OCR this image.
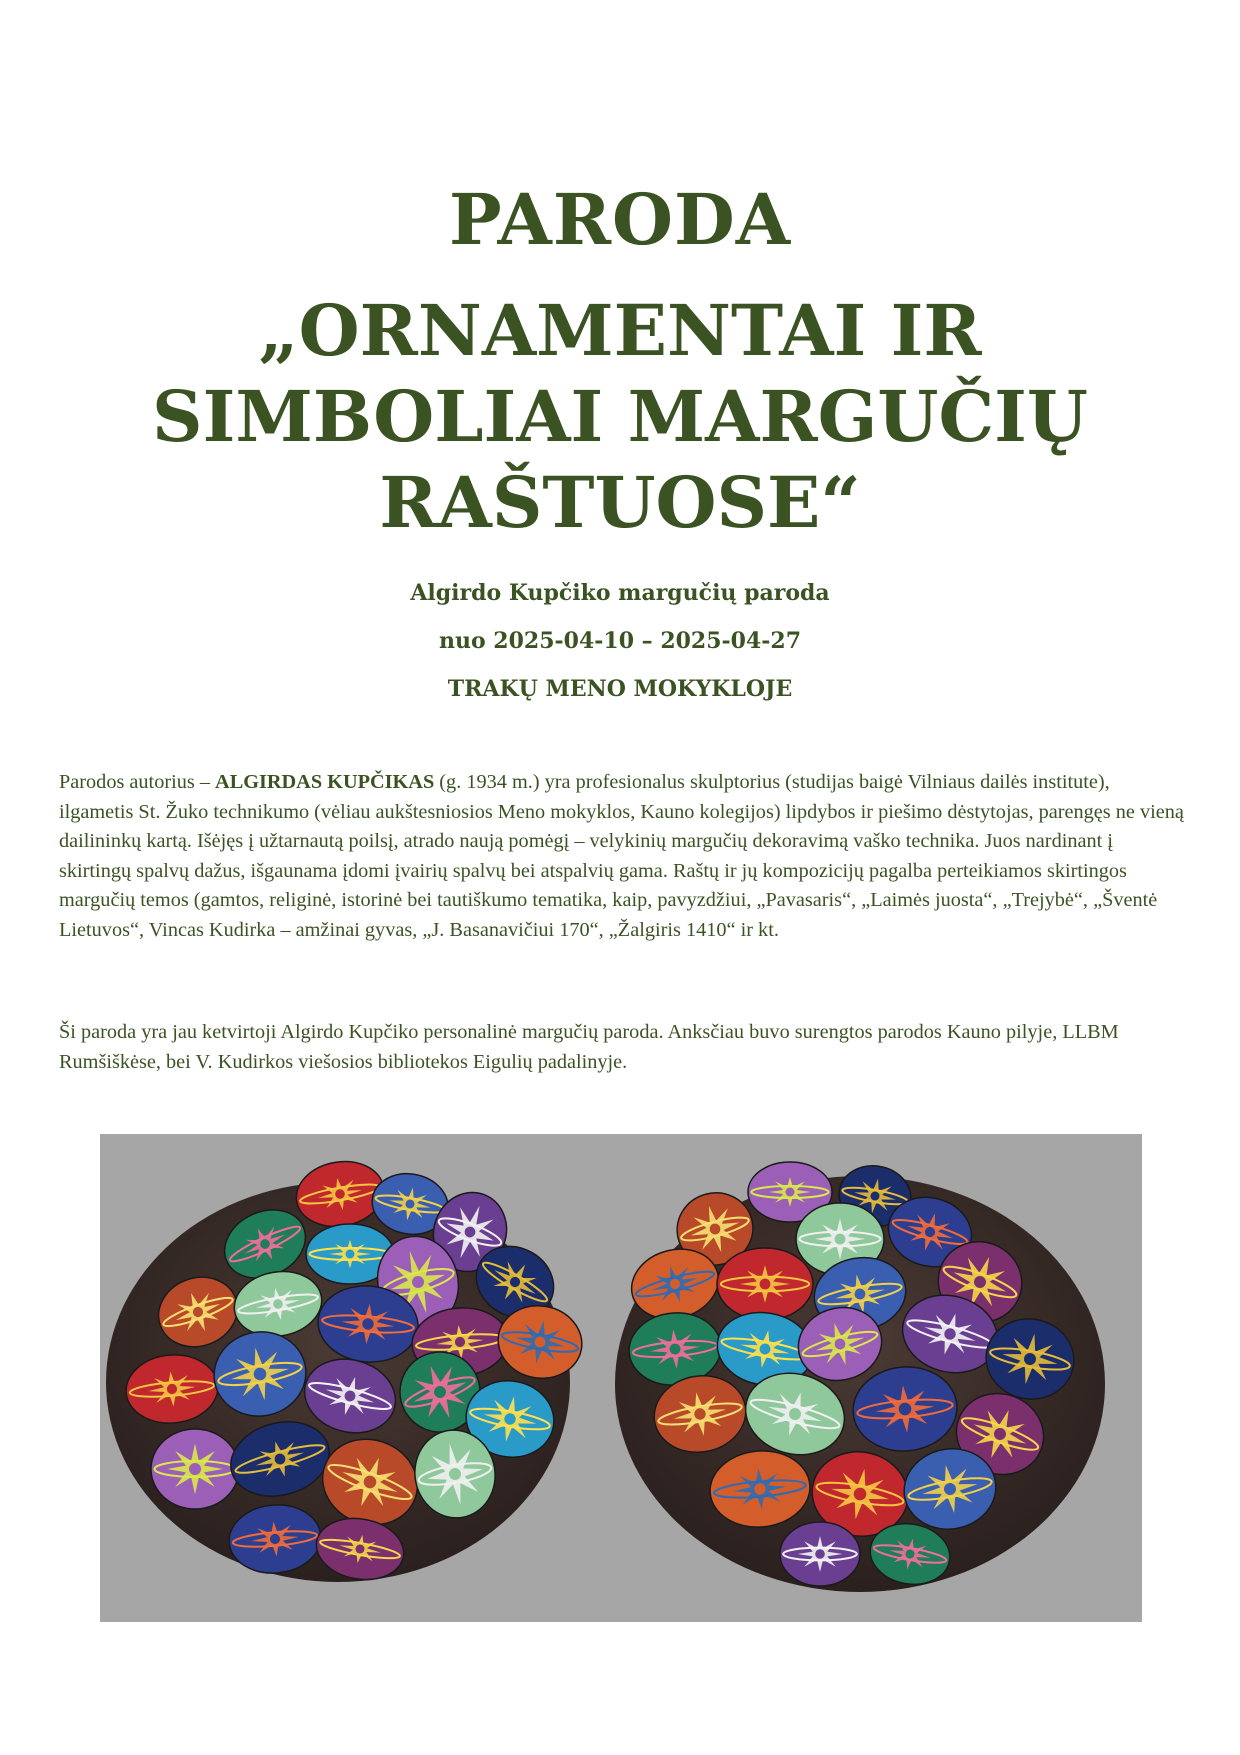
PARODA
„ORNAMENTAI IR
SIMBOLIAI MARGUČIŲ
RAŠTUOSE“

Algirdo Kupčiko margučių paroda

nuo 2025-04-10 – 2025-04-27

TRAKŲ MENO MOKYKLOJE

Parodos autorius – ALGIRDAS KUPČIKAS (g. 1934 m.) yra profesionalus skulptorius (studijas baigė Vilniaus dailės institute), ilgametis St. Žuko technikumo (vėliau aukštesniosios Meno mokyklos, Kauno kolegijos) lipdybos ir piešimo dėstytojas, parengęs ne vieną dailininkų kartą. Išėjęs į užtarnautą poilsį, atrado naują pomėgį – velykinių margučių dekoravimą vaško technika. Juos nardinant į skirtingų spalvų dažus, išgaunama įdomi įvairių spalvų bei atspalvių gama. Raštų ir jų kompozicijų pagalba perteikiamos skirtingos margučių temos (gamtos, religinė, istorinė bei tautiškumo tematika, kaip, pavyzdžiui, „Pavasaris“, „Laimės juosta“, „Trejybė“, „Šventė Lietuvos“, Vincas Kudirka – amžinai gyvas, „J. Basanavičiui 170“, „Žalgiris 1410“ ir kt.

Ši paroda yra jau ketvirtoji Algirdo Kupčiko personalinė margučių paroda. Anksčiau buvo surengtos parodos Kauno pilyje, LLBM Rumšiškėse, bei V. Kudirkos viešosios bibliotekos Eigulių padalinyje.
